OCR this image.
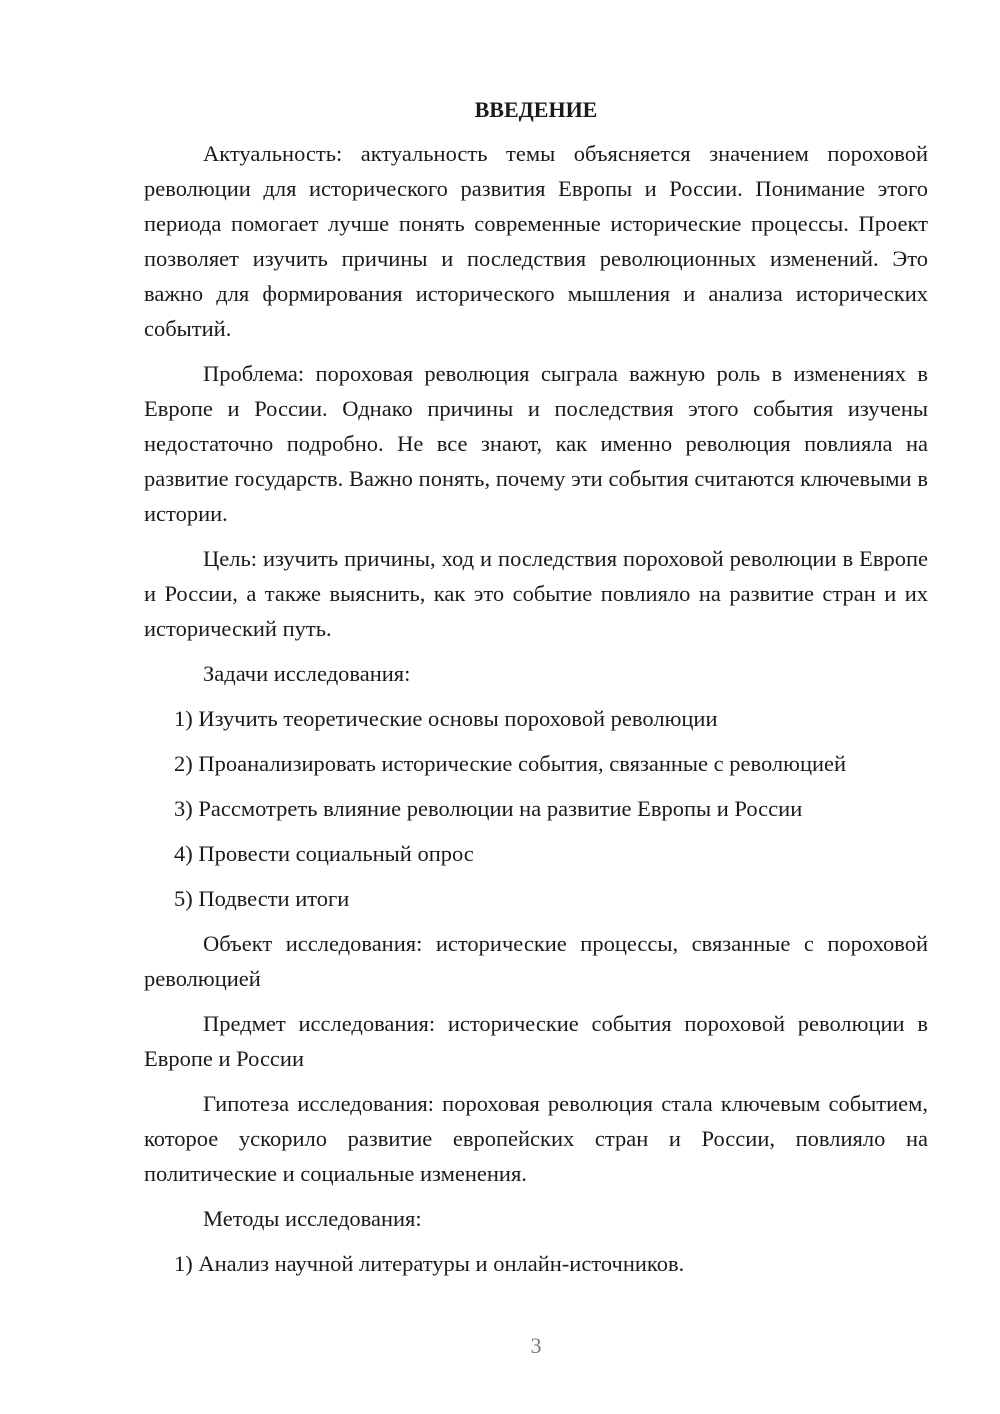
ВВЕДЕНИЕ

Актуальность: актуальность темы объясняется значением пороховой революции для исторического развития Европы и России. Понимание этого периода помогает лучше понять современные исторические процессы. Проект позволяет изучить причины и последствия революционных изменений. Это важно для формирования исторического мышления и анализа исторических событий.

Проблема: пороховая революция сыграла важную роль в изменениях в Европе и России. Однако причины и последствия этого события изучены недостаточно подробно. Не все знают, как именно революция повлияла на развитие государств. Важно понять, почему эти события считаются ключевыми в истории.

Цель: изучить причины, ход и последствия пороховой революции в Европе и России, а также выяснить, как это событие повлияло на развитие стран и их исторический путь.

Задачи исследования:

1) Изучить теоретические основы пороховой революции

2) Проанализировать исторические события, связанные с революцией

3) Рассмотреть влияние революции на развитие Европы и России

4) Провести социальный опрос

5) Подвести итоги

Объект исследования: исторические процессы, связанные с пороховой революцией

Предмет исследования: исторические события пороховой революции в Европе и России

Гипотеза исследования: пороховая революция стала ключевым событием, которое ускорило развитие европейских стран и России, повлияло на политические и социальные изменения.

Методы исследования:

1) Анализ научной литературы и онлайн-источников.

3
